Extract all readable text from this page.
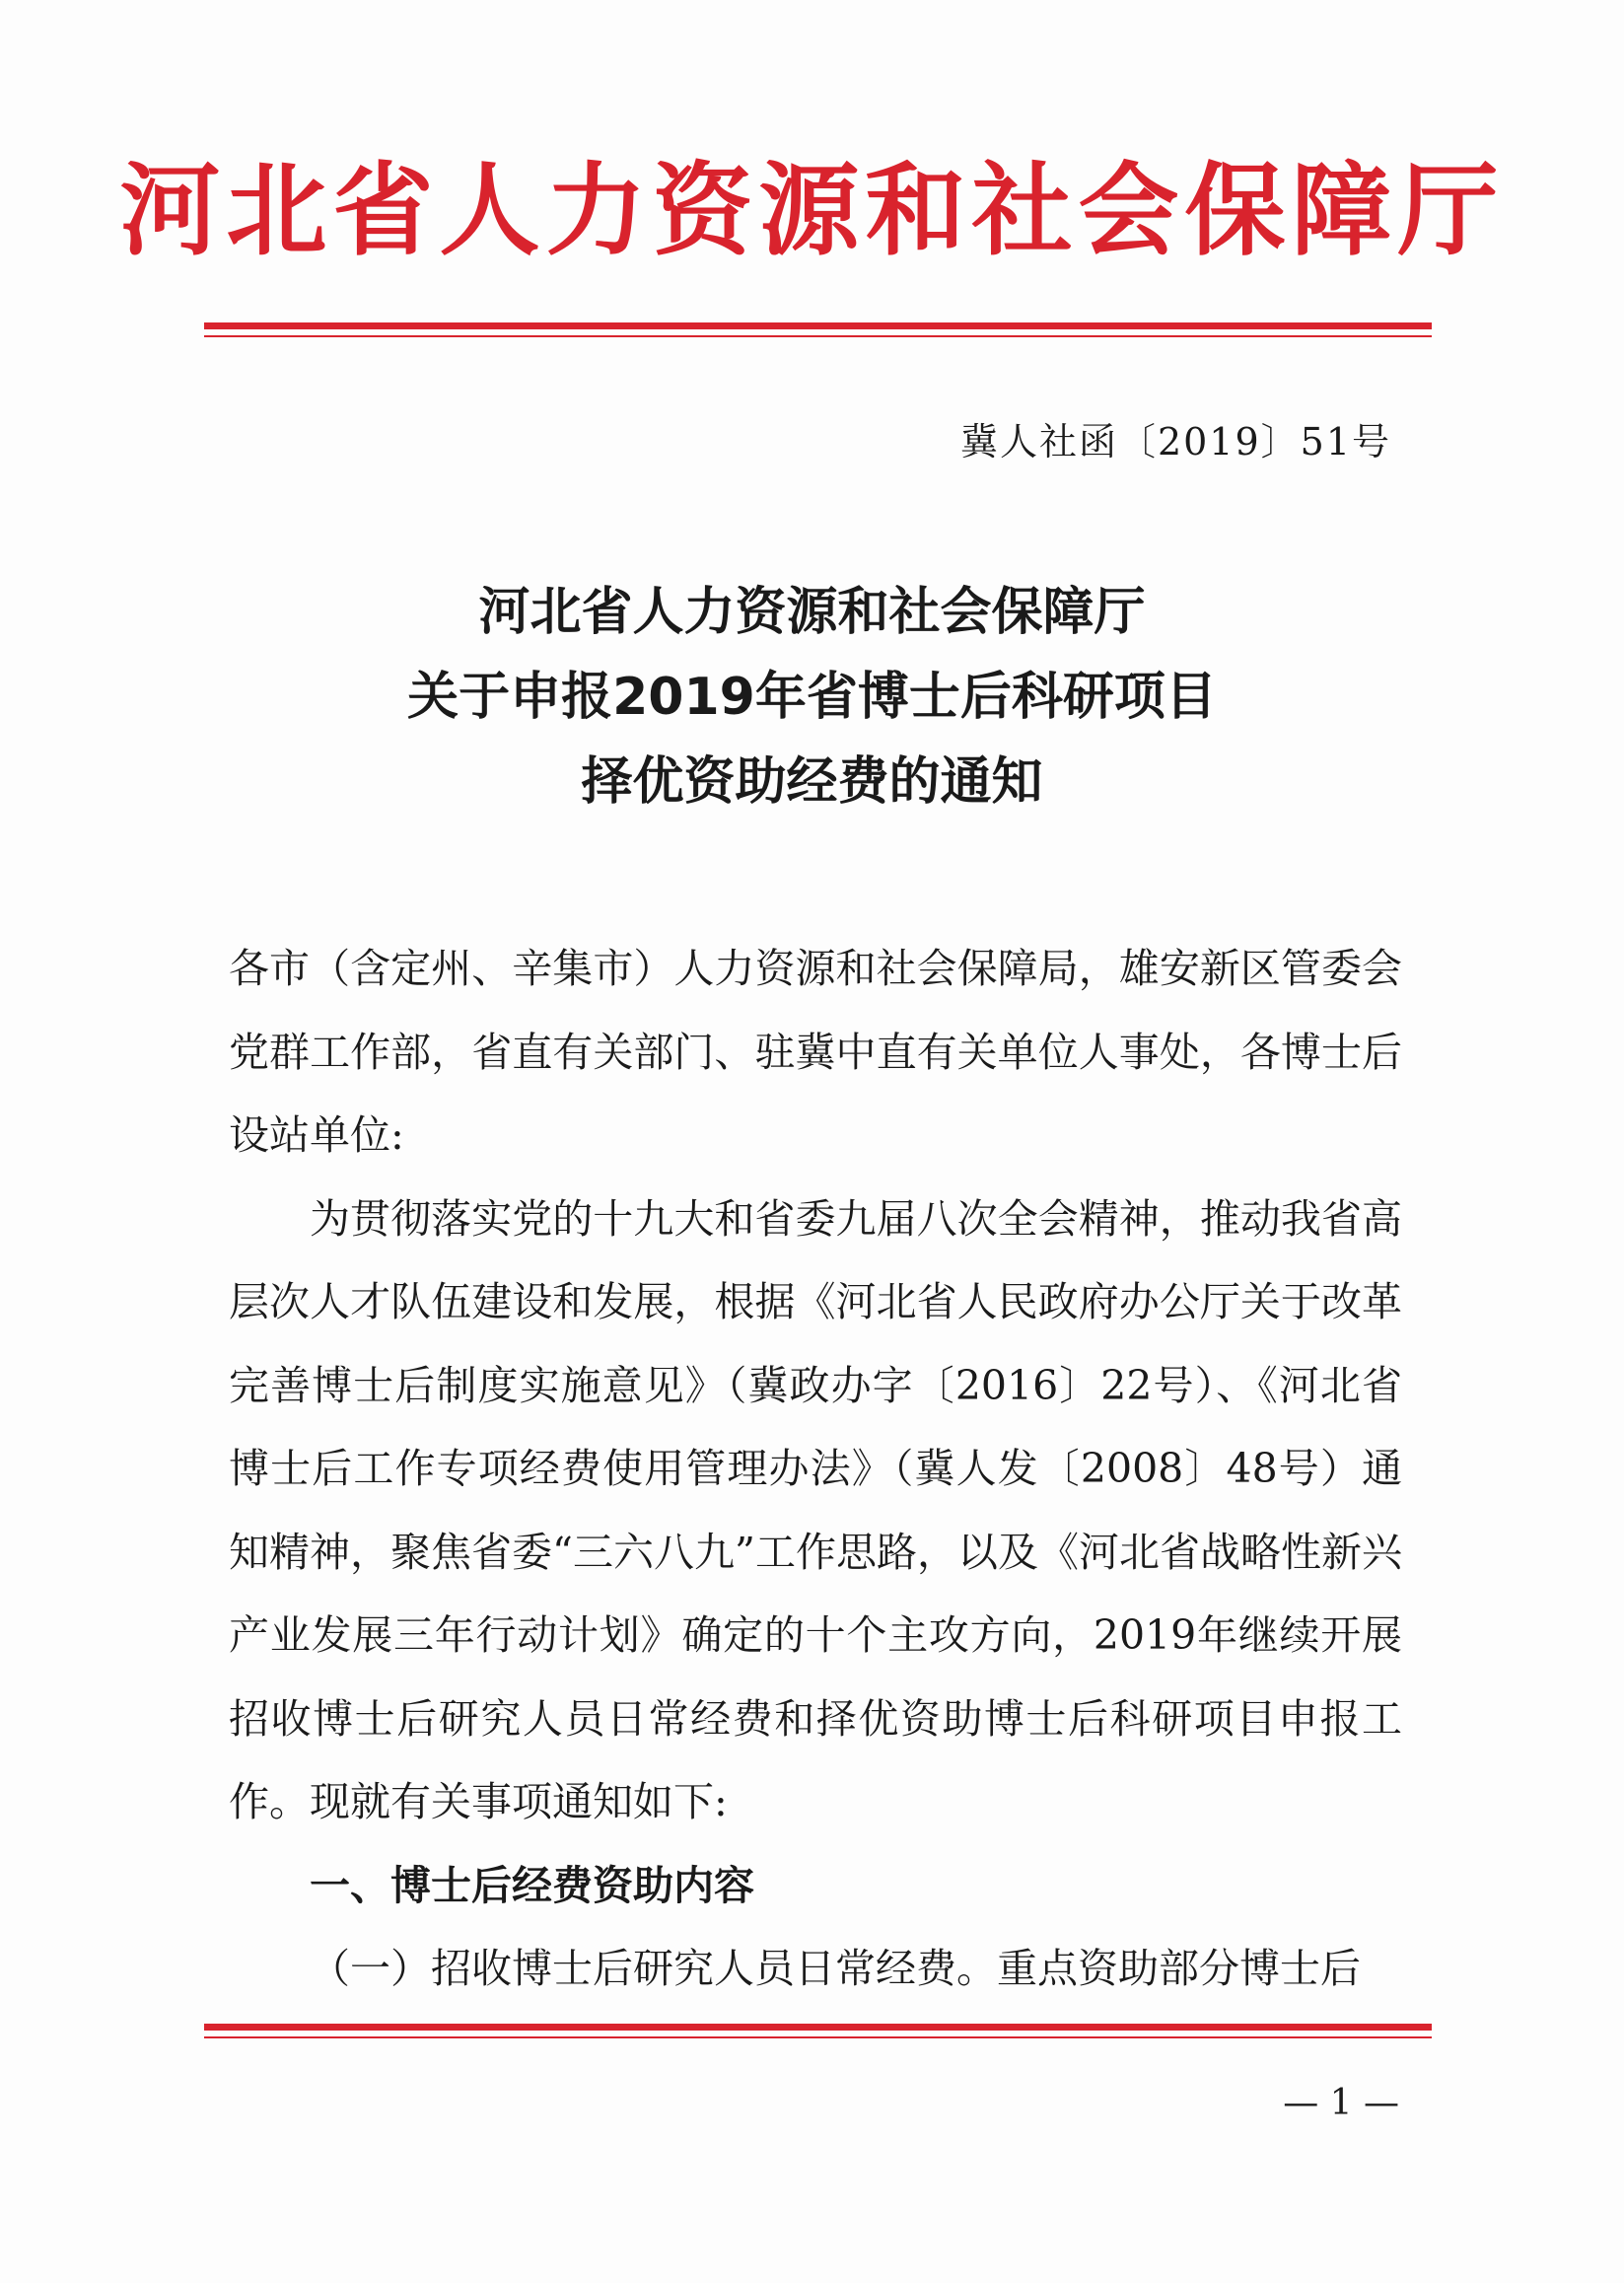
河北省人力资源和社会保障厅
冀人社函〔2019〕51号
河北省人力资源和社会保障厅
关于申报2019年省博士后科研项目
择优资助经费的通知

各市（含定州、辛集市）人力资源和社会保障局，雄安新区管委会党群工作部，省直有关部门、驻冀中直有关单位人事处，各博士后设站单位:

为贯彻落实党的十九大和省委九届八次全会精神，推动我省高层次人才队伍建设和发展，根据《河北省人民政府办公厅关于改革完善博士后制度实施意见》（冀政办字〔2016〕22号）、《河北省博士后工作专项经费使用管理办法》（冀人发〔2008〕48号）通知精神，聚焦省委“三六八九”工作思路，以及《河北省战略性新兴产业发展三年行动计划》确定的十个主攻方向，2019年继续开展招收博士后研究人员日常经费和择优资助博士后科研项目申报工作。现就有关事项通知如下:

一、博士后经费资助内容

（一）招收博士后研究人员日常经费。重点资助部分博士后

— 1 —
